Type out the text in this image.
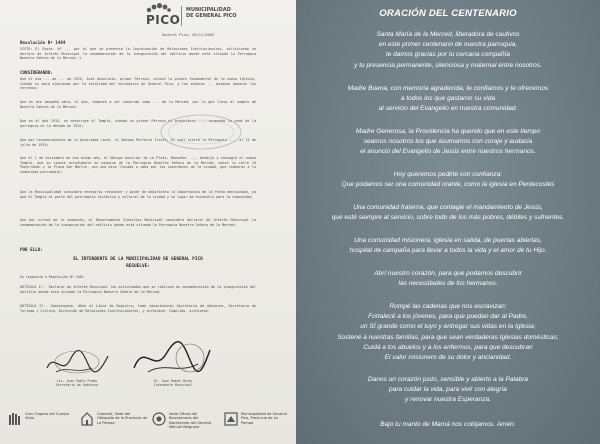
PICO
MUNICIPALIDAD
DE GENERAL PICO
General Pico, 09/12/2005
Resolución Nº 1464

VISTO: El Expte. Nº ... por el que se presenta la Coordinación de Relaciones Institucionales, solicitando se declare de Interés Municipal la conmemoración de la inauguración del edificio donde está situada la Parroquia Nuestra Señora de la Merced; y

CONSIDERANDO:

Que el día ... de ... de 1915, José Anunciata, primer Párroco, colocó la piedra fundamental de la nueva Iglesia, siendo su obra ejecutada por la totalidad del vecindario de General Pico, y los señores ... quienes donaron los terrenos;

Que en esa pequeña obra, el día, comenzó a ser conocido como ... de la Merced, por lo que lleva el nombre de Nuestra Señora de la Merced;

Que en el año 1915, se construye el Templo, siendo su primer Párroco el presbítero ..., ocupando la sede de la parroquia en la década de 1915;

Que por reconocimiento de la Autoridad local, el Obispo Perfecto Iriart, el cual visitó la Parroquia ..., el 21 de julio de 1915;

Que el 1 de diciembre de ese mismo año, el Obispo Auxiliar de La Plata, Monseñor ..., bendijo y consagró el nuevo Templo, que se conoce actualmente en esquina de la Parroquia Nuestra Señora de la Merced, sobre la calle 19 Pueyrredón y la Plaza San Martín, con una misa llevada a cabo por los sacerdotes de la ciudad, que rodearon a la comunidad parroquial;

Que la Municipalidad considera necesario reconocer y poner de manifiesto la importancia de la fecha mencionada, ya que el Templo es parte del patrimonio histórico y cultural de la ciudad y un lugar de encuentro para la comunidad;

Que por virtud de lo expuesto, el Departamento Ejecutivo Municipal considera declarar de Interés Municipal la conmemoración de la inauguración del edificio donde está situada la Parroquia Nuestra Señora de la Merced;

POR ELLO:
EL INTENDENTE DE LA MUNICIPALIDAD DE GENERAL PICO
RESUELVE:
En respuesta a Resolución Nº 1464

ARTÍCULO 1º.- Declarar de Interés Municipal las actividades que se realicen en conmemoración de la inauguración del edificio donde está situada la Parroquia Nuestra Señora de la Merced.

ARTÍCULO 2º.- Comuníquese, dése al Libro de Registro, tome conocimiento Secretaría de Gobierno, Secretaría de Turismo y Cultura, Dirección de Relaciones Institucionales, y archívese. Cumplido, archívese.

Lic. Juan Pablo Prado
Secretario de Gobierno
Dr. Juan Ramón Garay
Intendente Municipal
Gran Órgano del Cuerpo Viejo
Catedral, Sede del Obispado de la Provincia de La Pampa
Sede Oficial del Bicentenario del Nacimiento del General Manuel Belgrano
Municipalidad de General Pico, Provincia de La Pampa
ORACIÓN DEL CENTENARIO

Santa María de la Merced, liberadora de cautivos
en este primer centenario de nuestra parroquia,
te damos gracias por tu cercana compañía
y tu presencia permanente, silenciosa y maternal entre nosotros.

Madre Buena, con memoria agradecida, te confiamos y te ofrecemos
a todos los que gastaron su vida
al servicio del Evangelio en nuestra comunidad.

Madre Generosa, la Providencia ha querido que en este tiempo
seamos nosotros los que asumamos con coraje y audacia
el anuncio del Evangelio de Jesús entre nuestros hermanos.

Hoy queremos pedirte con confianza:
Que podamos ser una comunidad orante, como la iglesia en Pentecostés

Una comunidad fraterna, que contagie el mandamiento de Jesús,
que esté siempre al servicio, sobre todo de los más pobres, débiles y sufrientes.

Una comunidad misionera, iglesia en salida, de puertas abiertas,
hospital de campaña para llevar a todos la vida y el amor de tu Hijo.

Abrí nuestro corazón, para que podamos descubrir
las necesidades de los hermanos.

Rompé las cadenas que nos esclavizan;
Fortalecé a los jóvenes, para que puedan dar al Padre,
un SÍ grande como el tuyo y entregar sus vidas en la Iglesia;
Sostené a nuestras familias, para que sean verdaderas Iglesias domésticas;
Cuidá a los abuelos y a los enfermos, para que descubran
El valor misionero de su dolor y ancianidad.

Danos un corazón justo, sensible y abierto a la Palabra
para cuidar la vida, para vivir con alegría
y renovar nuestra Esperanza.

Bajo tu manto de Mamá nos cobijamos. Amén.
